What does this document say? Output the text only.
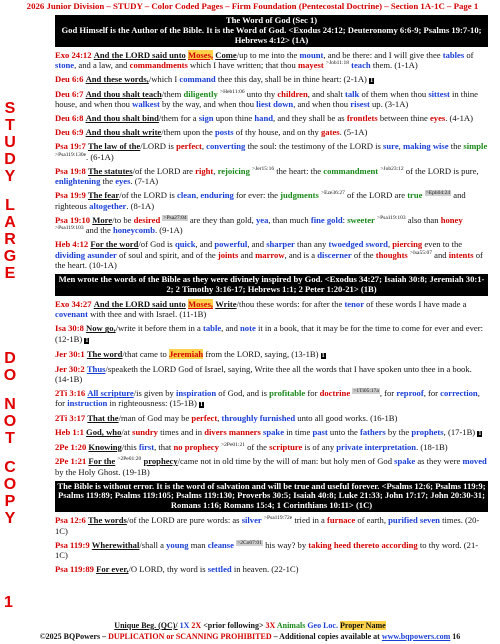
2026 Junior Division – STUDY – Color Coded Pages – Firm Foundation (Pentecostal Doctrine) – Section 1A-1C – Page 1
S
T
U
D
Y
L
A
R
G
E
D
O
N
O
T
C
O
P
Y
1
The Word of God (Sec 1)
God Himself is the Author of the Bible. It is the Word of God. <Exodus 24:12; Deuteronomy 6:6-9; Psalms 19:7-10; Hebrews 4:12> (1A)
Exo 24:12 And the LORD said unto Moses, Come/up to me into the mount, and be there: and I will give thee tables of stone, and a law, and commandments which I have written; that thou mayest $^{>Job11:18}$ teach them. (1-1A)
Deu 6:6 And these words,/which I command thee this day, shall be in thine heart: (2-1A) 1
Deu 6:7 And thou shalt teach/them diligently $^{>Heb11:06}$ unto thy children, and shalt talk of them when thou sittest in thine house, and when thou walkest by the way, and when thou liest down, and when thou risest up. (3-1A)
Deu 6:8 And thou shalt bind/them for a sign upon thine hand, and they shall be as frontlets between thine eyes. (4-1A)
Deu 6:9 And thou shalt write/them upon the posts of thy house, and on thy gates. (5-1A)
Psa 19:7 The law of the/LORD is perfect, converting the soul: the testimony of the LORD is sure, making wise the simple $^{>Psa119:130e}$. (6-1A)
Psa 19:8 The statutes/of the LORD are right, rejoicing $^{>Jer15:16}$ the heart: the commandment $^{>Job23:12}$ of the LORD is pure, enlightening the eyes. (7-1A)
Psa 19:9 The fear/of the LORD is clean, enduring for ever: the judgments $^{>Eze36:27}$ of the LORD are true $^{>Eph04:24}$ and righteous altogether. (8-1A)
Psa 19:10 More/to be desired $^{>Psa27:04}$ are they than gold, yea, than much fine gold: sweeter $^{>Psa119:103}$ also than honey $^{>Psa119:103}$ and the honeycomb. (9-1A)
Heb 4:12 For the word/of God is quick, and powerful, and sharper than any twoedged sword, piercing even to the dividing asunder of soul and spirit, and of the joints and marrow, and is a discerner of the thoughts $^{>Isa55:07}$ and intents of the heart. (10-1A)
Men wrote the words of the Bible as they were divinely inspired by God. <Exodus 34:27; Isaiah 30:8; Jeremiah 30:1-2; 2 Timothy 3:16-17; Hebrews 1:1; 2 Peter 1:20-21> (1B)
Exo 34:27 And the LORD said unto Moses, Write/thou these words: for after the tenor of these words I have made a covenant with thee and with Israel. (11-1B)
Isa 30:8 Now go,/write it before them in a table, and note it in a book, that it may be for the time to come for ever and ever: (12-1B) 1
Jer 30:1 The word/that came to Jeremiah from the LORD, saying, (13-1B) 1
Jer 30:2 Thus/speaketh the LORD God of Israel, saying, Write thee all the words that I have spoken unto thee in a book. (14-1B)
2Ti 3:16 All scripture/is given by inspiration of God, and is profitable for doctrine $^{>1Ti05:17a}$, for reproof, for correction, for instruction in righteousness: (15-1B) 1
2Ti 3:17 That the/man of God may be perfect, throughly furnished unto all good works. (16-1B)
Heb 1:1 God, who/at sundry times and in divers manners spake in time past unto the fathers by the prophets, (17-1B) 1
2Pe 1:20 Knowing/this first, that no prophecy $^{>2Pe01:21}$ of the scripture is of any private interpretation. (18-1B)
2Pe 1:21 For the $^{>2Pe01:20}$ prophecy/came not in old time by the will of man: but holy men of God spake as they were moved by the Holy Ghost. (19-1B)
The Bible is without error. It is the word of salvation and will be true and useful forever. <Psalms 12:6; Psalms 119:9; Psalms 119:89; Psalms 119:105; Psalms 119:130; Proverbs 30:5; Isaiah 40:8; Luke 21:33; John 17:17; John 20:30-31; Romans 1:16; Romans 15:4; 1 Corinthians 10:11> (1C)
Psa 12:6 The words/of the LORD are pure words: as silver $^{>Psa119:72e}$ tried in a furnace of earth, purified seven times. (20-1C)
Psa 119:9 Wherewithal/shall a young man cleanse $^{>2Co07:01}$ his way? by taking heed thereto according to thy word. (21-1C)
Psa 119:89 For ever,/O LORD, thy word is settled in heaven. (22-1C)
Unique Beg. (QC)/ 1X 2X <prior following> 3X Animals Geo Loc. Proper Name
©2025 BQPowers – DUPLICATION or SCANNING PROHIBITED – Additional copies available at www.bqpowers.com 16
